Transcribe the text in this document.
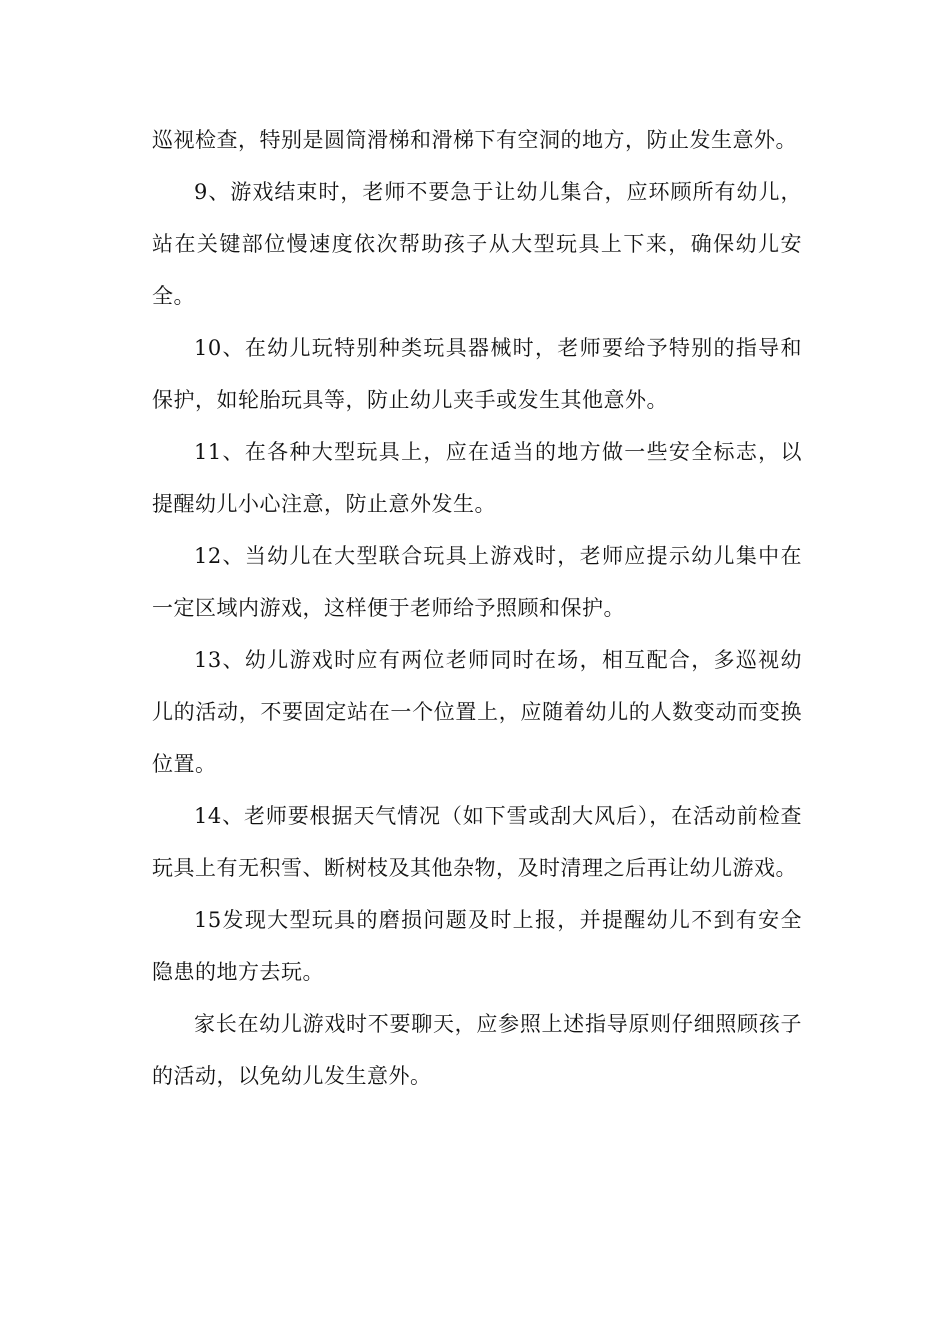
巡视检查，特别是圆筒滑梯和滑梯下有空洞的地方，防止发生意外。

9、游戏结束时，老师不要急于让幼儿集合，应环顾所有幼儿，站在关键部位慢速度依次帮助孩子从大型玩具上下来，确保幼儿安全。

10、在幼儿玩特别种类玩具器械时，老师要给予特别的指导和保护，如轮胎玩具等，防止幼儿夹手或发生其他意外。

11、在各种大型玩具上，应在适当的地方做一些安全标志，以提醒幼儿小心注意，防止意外发生。

12、当幼儿在大型联合玩具上游戏时，老师应提示幼儿集中在一定区域内游戏，这样便于老师给予照顾和保护。

13、幼儿游戏时应有两位老师同时在场，相互配合，多巡视幼儿的活动，不要固定站在一个位置上，应随着幼儿的人数变动而变换位置。

14、老师要根据天气情况（如下雪或刮大风后），在活动前检查玩具上有无积雪、断树枝及其他杂物，及时清理之后再让幼儿游戏。

15发现大型玩具的磨损问题及时上报，并提醒幼儿不到有安全隐患的地方去玩。

家长在幼儿游戏时不要聊天，应参照上述指导原则仔细照顾孩子的活动，以免幼儿发生意外。
